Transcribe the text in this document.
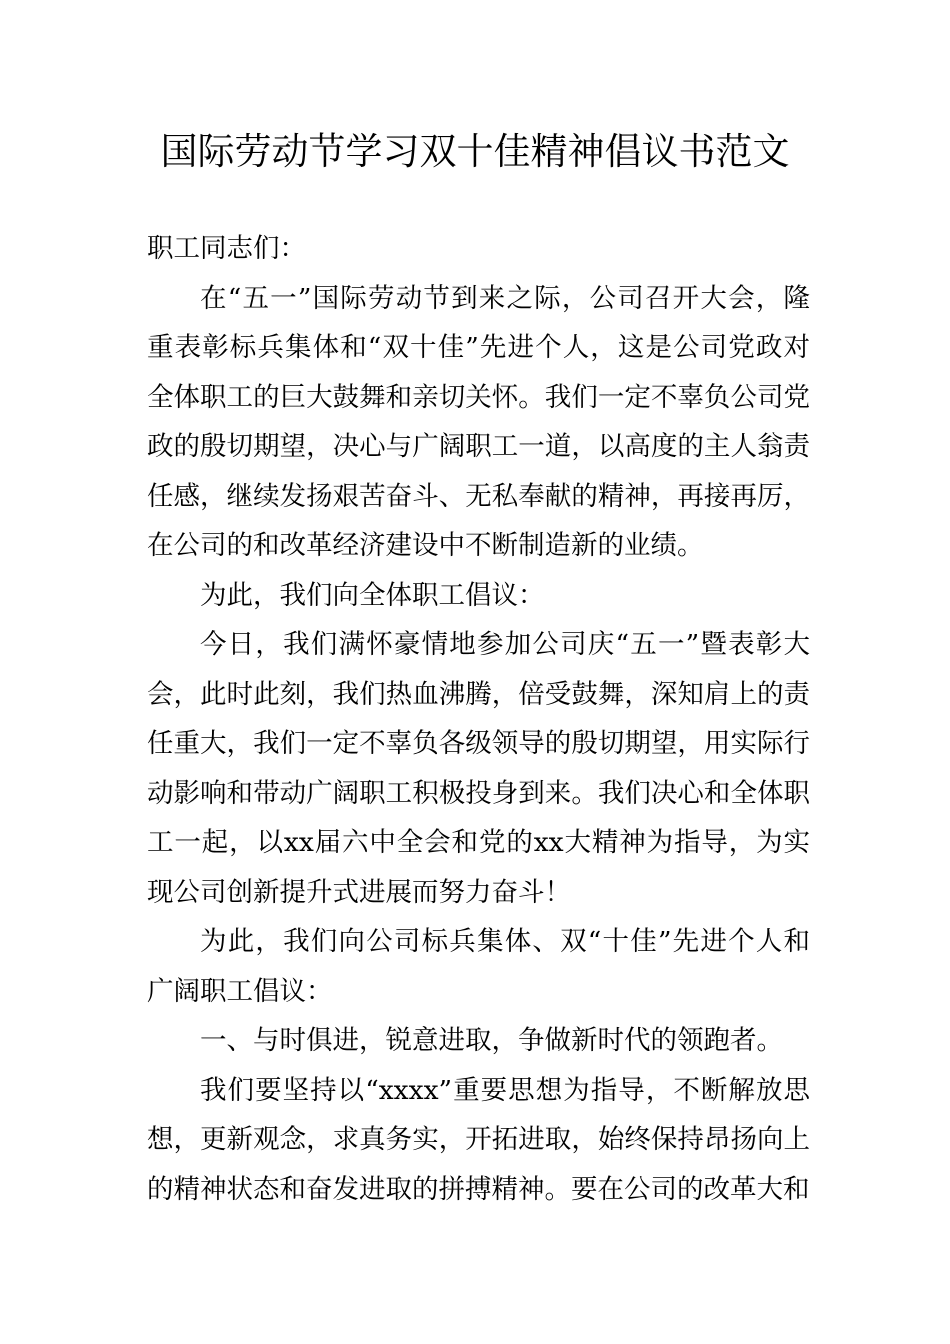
国际劳动节学习双十佳精神倡议书范文

职工同志们：

在“五一”国际劳动节到来之际，公司召开大会，隆重表彰标兵集体和“双十佳”先进个人，这是公司党政对全体职工的巨大鼓舞和亲切关怀。我们一定不辜负公司党政的殷切期望，决心与广阔职工一道，以高度的主人翁责任感，继续发扬艰苦奋斗、无私奉献的精神，再接再厉，在公司的和改革经济建设中不断制造新的业绩。

为此，我们向全体职工倡议：

今日，我们满怀豪情地参加公司庆“五一”暨表彰大会，此时此刻，我们热血沸腾，倍受鼓舞，深知肩上的责任重大，我们一定不辜负各级领导的殷切期望，用实际行动影响和带动广阔职工积极投身到来。我们决心和全体职工一起，以xx届六中全会和党的xx大精神为指导，为实现公司创新提升式进展而努力奋斗！

为此，我们向公司标兵集体、双“十佳”先进个人和广阔职工倡议：

一、与时俱进，锐意进取，争做新时代的领跑者。

我们要坚持以“xxxx”重要思想为指导，不断解放思想，更新观念，求真务实，开拓进取，始终保持昂扬向上的精神状态和奋发进取的拼搏精神。要在公司的改革大和
